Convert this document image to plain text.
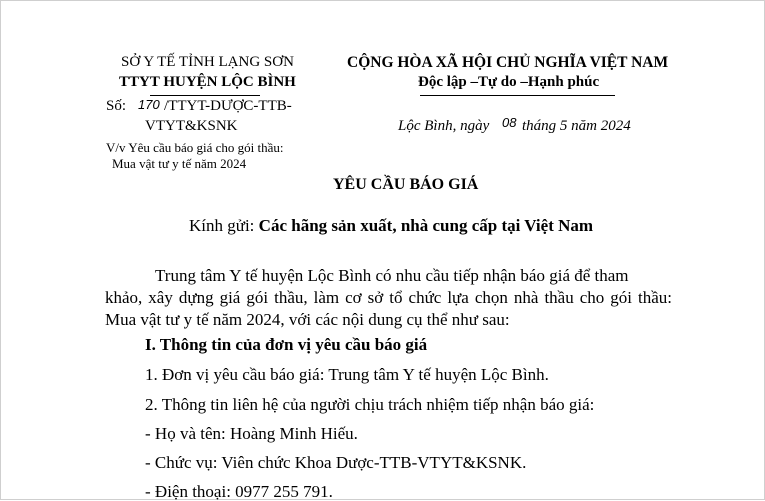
SỞ Y TẾ TỈNH LẠNG SƠN
TTYT HUYỆN LỘC BÌNH
Số: 170 /TTYT-DƯỢC-TTB-
VTYT&KSNK
V/v Yêu cầu báo giá cho gói thầu:
Mua vật tư y tế năm 2024
CỘNG HÒA XÃ HỘI CHỦ NGHĨA VIỆT NAM
Độc lập –Tự do –Hạnh phúc
Lộc Bình, ngày 08 tháng 5 năm 2024
YÊU CẦU BÁO GIÁ
Kính gửi: Các hãng sản xuất, nhà cung cấp tại Việt Nam
Trung tâm Y tế huyện Lộc Bình có nhu cầu tiếp nhận báo giá để tham
khảo, xây dựng giá gói thầu, làm cơ sở tổ chức lựa chọn nhà thầu cho gói thầu:
Mua vật tư y tế năm 2024, với các nội dung cụ thể như sau:
I. Thông tin của đơn vị yêu cầu báo giá
1. Đơn vị yêu cầu báo giá: Trung tâm Y tế huyện Lộc Bình.
2. Thông tin liên hệ của người chịu trách nhiệm tiếp nhận báo giá:
- Họ và tên: Hoàng Minh Hiếu.
- Chức vụ: Viên chức Khoa Dược-TTB-VTYT&KSNK.
- Điện thoại: 0977 255 791.
